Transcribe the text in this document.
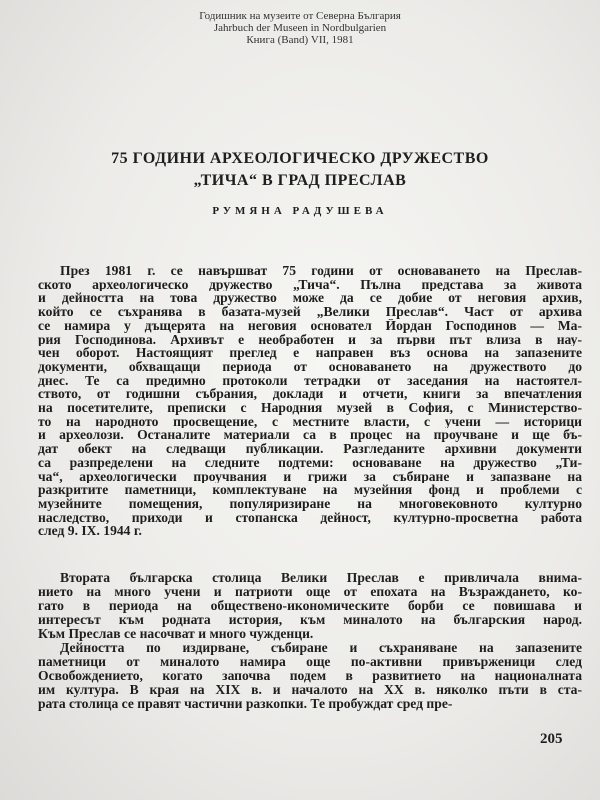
Годишник на музеите от Северна България
Jahrbuch der Museen in Nordbulgarien
Книга (Band) VII, 1981
75 ГОДИНИ АРХЕОЛОГИЧЕСКО ДРУЖЕСТВО
„ТИЧА“ В ГРАД ПРЕСЛАВ
РУМЯНА РАДУШЕВА
През 1981 г. се навършват 75 години от основаването на Преслав-
ското археологическо дружество „Тича“. Пълна представа за живота
и дейността на това дружество може да се добие от неговия архив,
който се съхранява в базата-музей „Велики Преслав“. Част от архива
се намира у дъщерята на неговия основател Йордан Господинов — Ма-
рия Господинова. Архивът е необработен и за първи път влиза в нау-
чен оборот. Настоящият преглед е направен въз основа на запазените
документи, обхващащи периода от основаването на дружеството до
днес. Те са предимно протоколи тетрадки от заседания на настоятел-
ството, от годишни събрания, доклади и отчети, книги за впечатления
на посетителите, преписки с Народния музей в София, с Министерство-
то на народното просвещение, с местните власти, с учени — историци
и археолози. Останалите материали са в процес на проучване и ще бъ-
дат обект на следващи публикации. Разгледаните архивни документи
са разпределени на следните подтеми: основаване на дружество „Ти-
ча“, археологически проучвания и грижи за събиране и запазване на
разкритите паметници, комплектуване на музейния фонд и проблеми с
музейните помещения, популяризиране на многовековното културно
наследство, приходи и стопанска дейност, културно-просветна работа
след 9. IX. 1944 г.
Втората българска столица Велики Преслав е привличала внима-
нието на много учени и патриоти още от епохата на Възраждането, ко-
гато в периода на обществено-икономическите борби се повишава и
интересът към родната история, към миналото на българския народ.
Към Преслав се насочват и много чужденци.
Дейността по издирване, събиране и съхраняване на запазените
паметници от миналото намира още по-активни привърженици след
Освобождението, когато започва подем в развитието на националната
им култура. В края на XIX в. и началото на XX в. няколко пъти в ста-
рата столица се правят частични разкопки. Те пробуждат сред пре-
205
